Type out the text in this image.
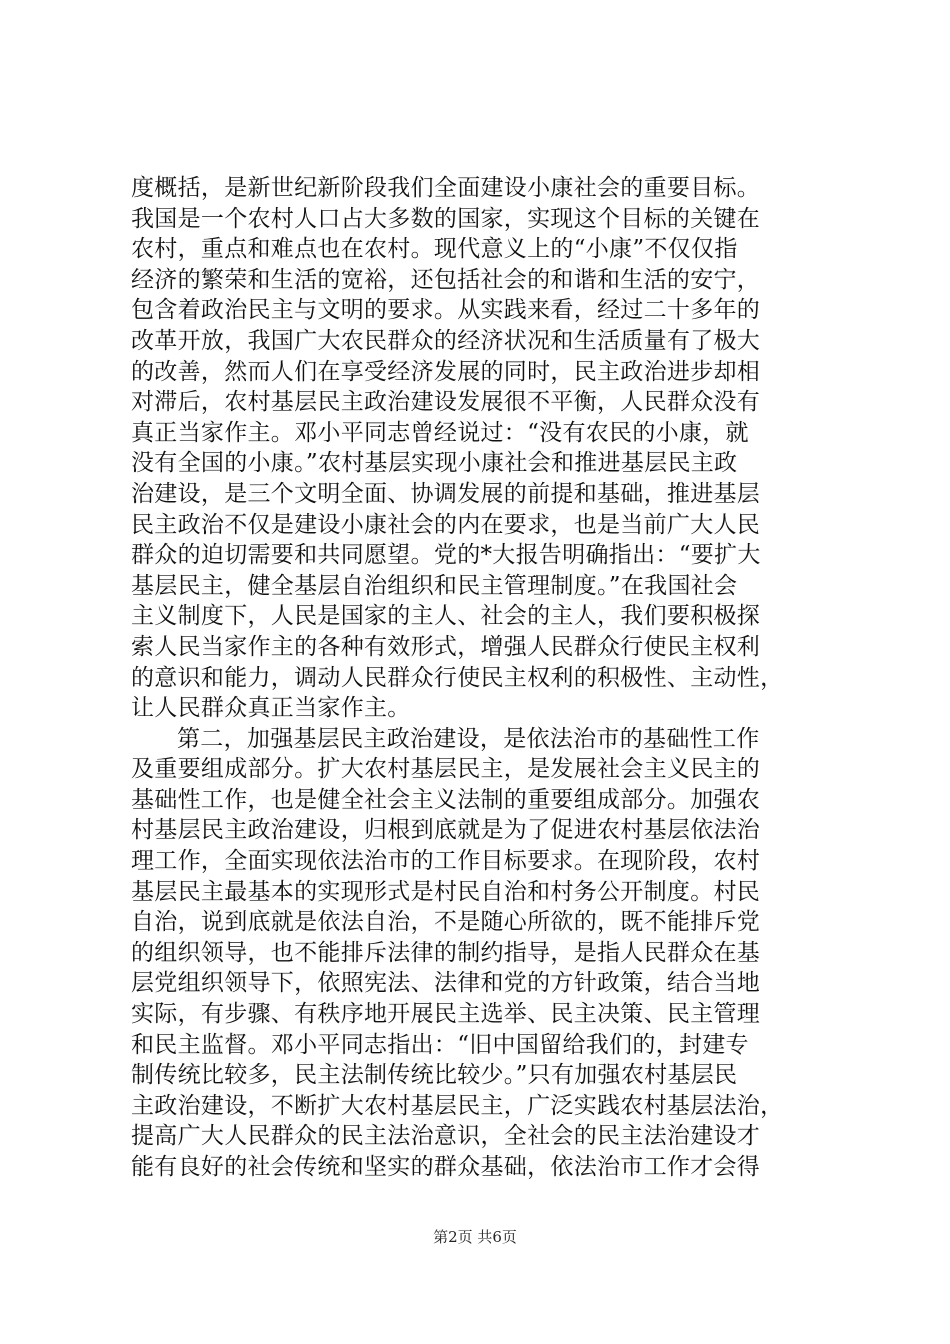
度概括，是新世纪新阶段我们全面建设小康社会的重要目标。
我国是一个农村人口占大多数的国家，实现这个目标的关键在
农村，重点和难点也在农村。现代意义上的“小康”不仅仅指
经济的繁荣和生活的宽裕，还包括社会的和谐和生活的安宁，
包含着政治民主与文明的要求。从实践来看，经过二十多年的
改革开放，我国广大农民群众的经济状况和生活质量有了极大
的改善，然而人们在享受经济发展的同时，民主政治进步却相
对滞后，农村基层民主政治建设发展很不平衡，人民群众没有
真正当家作主。邓小平同志曾经说过：“没有农民的小康，就
没有全国的小康。”农村基层实现小康社会和推进基层民主政
治建设，是三个文明全面、协调发展的前提和基础，推进基层
民主政治不仅是建设小康社会的内在要求，也是当前广大人民
群众的迫切需要和共同愿望。党的*大报告明确指出：“要扩大
基层民主，健全基层自治组织和民主管理制度。”在我国社会
主义制度下，人民是国家的主人、社会的主人，我们要积极探
索人民当家作主的各种有效形式，增强人民群众行使民主权利
的意识和能力，调动人民群众行使民主权利的积极性、主动性，
让人民群众真正当家作主。
第二，加强基层民主政治建设，是依法治市的基础性工作
及重要组成部分。扩大农村基层民主，是发展社会主义民主的
基础性工作，也是健全社会主义法制的重要组成部分。加强农
村基层民主政治建设，归根到底就是为了促进农村基层依法治
理工作，全面实现依法治市的工作目标要求。在现阶段，农村
基层民主最基本的实现形式是村民自治和村务公开制度。村民
自治，说到底就是依法自治，不是随心所欲的，既不能排斥党
的组织领导，也不能排斥法律的制约指导，是指人民群众在基
层党组织领导下，依照宪法、法律和党的方针政策，结合当地
实际，有步骤、有秩序地开展民主选举、民主决策、民主管理
和民主监督。邓小平同志指出：“旧中国留给我们的，封建专
制传统比较多，民主法制传统比较少。”只有加强农村基层民
主政治建设，不断扩大农村基层民主，广泛实践农村基层法治，
提高广大人民群众的民主法治意识，全社会的民主法治建设才
能有良好的社会传统和坚实的群众基础，依法治市工作才会得
第2页 共6页
